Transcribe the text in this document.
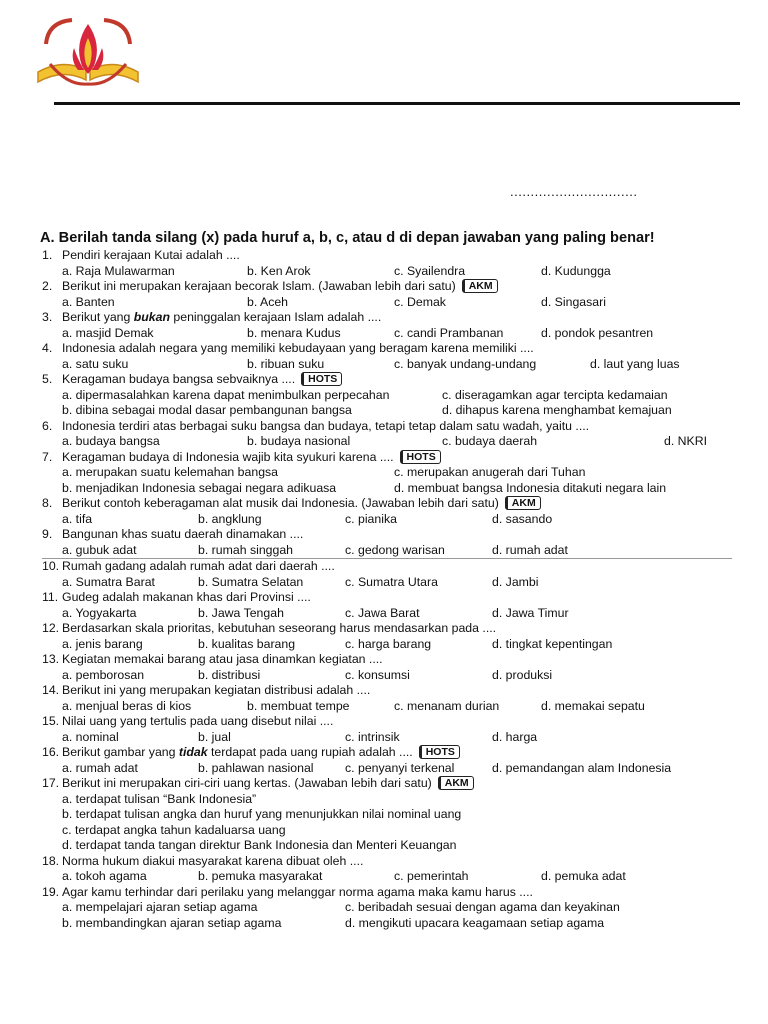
...............................
A. Berilah tanda silang (x) pada huruf a, b, c, atau d di depan jawaban yang paling benar!
1. Pendiri kerajaan Kutai adalah ....
a. Raja Mulawarman	b. Ken Arok	c. Syailendra	d. Kudungga
2. Berikut ini merupakan kerajaan becorak Islam. (Jawaban lebih dari satu) AKM
a. Banten	b. Aceh	c. Demak	d. Singasari
3. Berikut yang bukan peninggalan kerajaan Islam adalah ....
a. masjid Demak	b. menara Kudus	c. candi Prambanan	d. pondok pesantren
4. Indonesia adalah negara yang memiliki kebudayaan yang beragam karena memiliki ....
a. satu suku	b. ribuan suku	c. banyak undang-undang	d. laut yang luas
5. Keragaman budaya bangsa sebvaiknya .... HOTS
a. dipermasalahkan karena dapat menimbulkan perpecahan	c. diseragamkan agar tercipta kedamaian
b. dibina sebagai modal dasar pembangunan bangsa	d. dihapus karena menghambat kemajuan
6. Indonesia terdiri atas berbagai suku bangsa dan budaya, tetapi tetap dalam satu wadah, yaitu ....
a. budaya bangsa	b. budaya nasional	c. budaya daerah	d. NKRI
7. Keragaman budaya di Indonesia wajib kita syukuri karena .... HOTS
a. merupakan suatu kelemahan bangsa	c. merupakan anugerah dari Tuhan
b. menjadikan Indonesia sebagai negara adikuasa	d. membuat bangsa Indonesia ditakuti negara lain
8. Berikut contoh keberagaman alat musik dai Indonesia. (Jawaban lebih dari satu) AKM
a. tifa	b. angklung	c. pianika	d. sasando
9. Bangunan khas suatu daerah dinamakan ....
a. gubuk adat	b. rumah singgah	c. gedong warisan	d. rumah adat
10. Rumah gadang adalah rumah adat dari daerah ....
a. Sumatra Barat	b. Sumatra Selatan	c. Sumatra Utara	d. Jambi
11. Gudeg adalah makanan khas dari Provinsi ....
a. Yogyakarta	b. Jawa Tengah	c. Jawa Barat	d. Jawa Timur
12. Berdasarkan skala prioritas, kebutuhan seseorang harus mendasarkan pada ....
a. jenis barang	b. kualitas barang	c. harga barang	d. tingkat kepentingan
13. Kegiatan memakai barang atau jasa dinamkan kegiatan ....
a. pemborosan	b. distribusi	c. konsumsi	d. produksi
14. Berikut ini yang merupakan kegiatan distribusi adalah ....
a. menjual beras di kios	b. membuat tempe	c. menanam durian	d. memakai sepatu
15. Nilai uang yang tertulis pada uang disebut nilai ....
a. nominal	b. jual	c. intrinsik	d. harga
16. Berikut gambar yang tidak terdapat pada uang rupiah adalah .... HOTS
a. rumah adat	b. pahlawan nasional	c. penyanyi terkenal	d. pemandangan alam Indonesia
17. Berikut ini merupakan ciri-ciri uang kertas. (Jawaban lebih dari satu) AKM
a. terdapat tulisan “Bank Indonesia”
b. terdapat tulisan angka dan huruf yang menunjukkan nilai nominal uang
c. terdapat angka tahun kadaluarsa uang
d. terdapat tanda tangan direktur Bank Indonesia dan Menteri Keuangan
18. Norma hukum diakui masyarakat karena dibuat oleh ....
a. tokoh agama	b. pemuka masyarakat	c. pemerintah	d. pemuka adat
19. Agar kamu terhindar dari perilaku yang melanggar norma agama maka kamu harus ....
a. mempelajari ajaran setiap agama	c. beribadah sesuai dengan agama dan keyakinan
b. membandingkan ajaran setiap agama	d. mengikuti upacara keagamaan setiap agama
